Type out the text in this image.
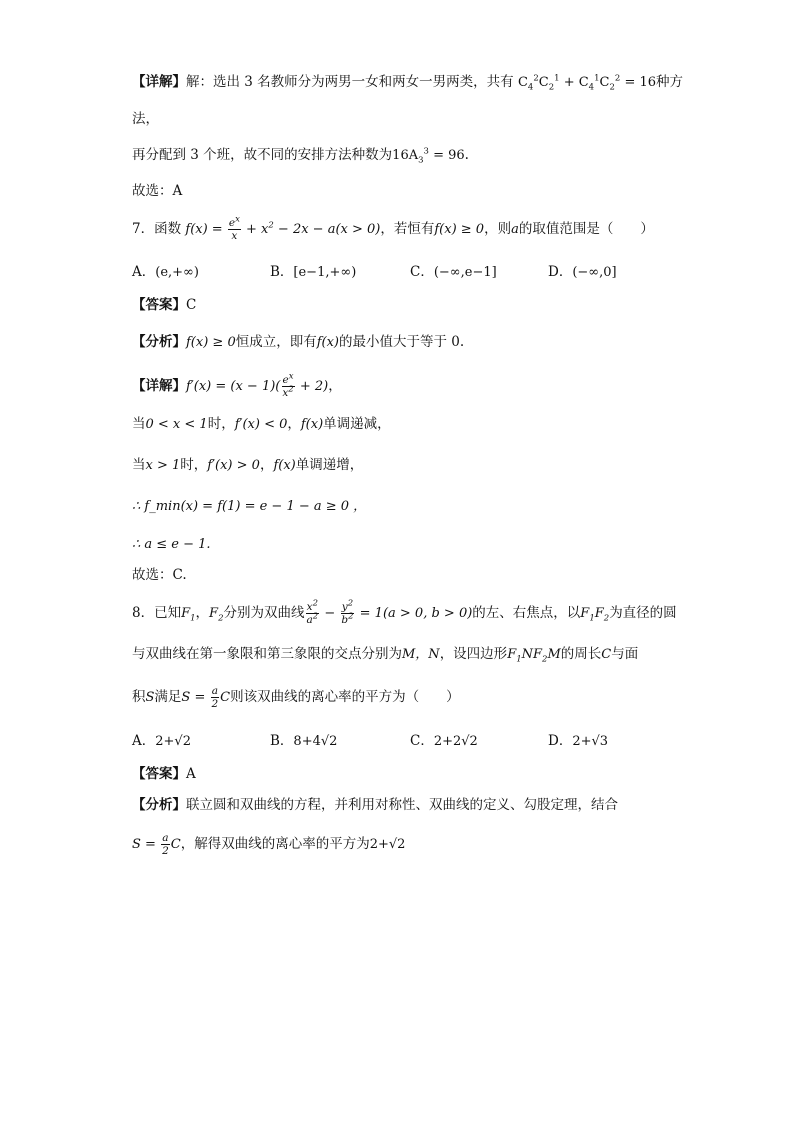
【详解】解：选出 3 名教师分为两男一女和两女一男两类，共有 $C_4^2C_2^1 + C_4^1C_2^2 = 16$种方
法，
再分配到 3 个班，故不同的安排方法种数为$16A_3^3 = 96$.
故选：A
7．函数 $f(x) = \frac{e^x}{x} + x^2 - 2x - a(x > 0)$，若恒有f(x) ≥ 0，则a的取值范围是（　　）
A．(e,+∞)	B．[e−1,+∞)	C．(−∞,e−1]	D．(−∞,0]
【答案】C
【分析】f(x) ≥ 0恒成立，即有f(x)的最小值大于等于 0.
【详解】$f'(x) = (x - 1)( \frac{e^x}{x^2} + 2)$，
当0 < x < 1时，f′(x) < 0，f(x)单调递减，
当x > 1时，f′(x) > 0，f(x)单调递增，
∴ f_min(x) = f(1) = e − 1 − a ≥ 0 ，
∴ a ≤ e − 1.
故选：C.
8．已知$F_1$，$F_2$分别为双曲线 $\frac{x^2}{a^2} - \frac{y^2}{b^2} = 1(a > 0$, b > 0)的左、右焦点，以$F_1F_2$为直径的圆
与双曲线在第一象限和第三象限的交点分别为M，N，设四边形$F_1NF_2M$的周长C与面
积S满足$S = \frac{a}{2}$ C则该双曲线的离心率的平方为（　　）
A．2+√2	B．8+4√2	C．2+2√2	D．2+√3
【答案】A
【分析】联立圆和双曲线的方程，并利用对称性、双曲线的定义、勾股定理，结合
$S = \frac{a}{2}$ C，解得双曲线的离心率的平方为2+√2
